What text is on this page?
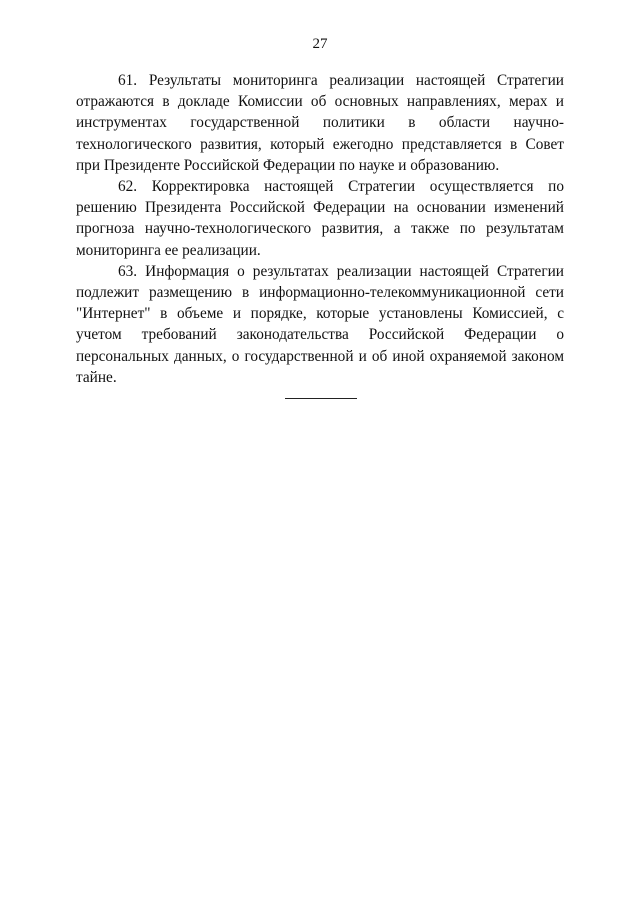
27

61. Результаты мониторинга реализации настоящей Стратегии отражаются в докладе Комиссии об основных направлениях, мерах и инструментах государственной политики в области научно-технологического развития, который ежегодно представляется в Совет при Президенте Российской Федерации по науке и образованию.

62. Корректировка настоящей Стратегии осуществляется по решению Президента Российской Федерации на основании изменений прогноза научно-технологического развития, а также по результатам мониторинга ее реализации.

63. Информация о результатах реализации настоящей Стратегии подлежит размещению в информационно-телекоммуникационной сети "Интернет" в объеме и порядке, которые установлены Комиссией, с учетом требований законодательства Российской Федерации о персональных данных, о государственной и об иной охраняемой законом тайне.
